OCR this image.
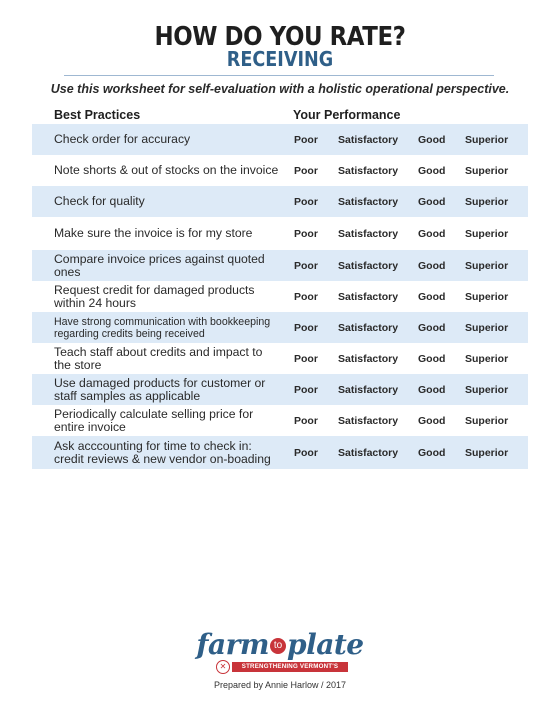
HOW DO YOU RATE?
RECEIVING
Use this worksheet for self-evaluation with a holistic operational perspective.
Best Practices	Your Performance
Check order for accuracy	Poor Satisfactory Good Superior
Note shorts & out of stocks on the invoice	Poor Satisfactory Good Superior
Check for quality	Poor Satisfactory Good Superior
Make sure the invoice is for my store	Poor Satisfactory Good Superior
Compare invoice prices against quoted ones	Poor Satisfactory Good Superior
Request credit for damaged products within 24 hours	Poor Satisfactory Good Superior
Have strong communication with bookkeeping regarding credits being received	Poor Satisfactory Good Superior
Teach staff about credits and impact to the store	Poor Satisfactory Good Superior
Use damaged products for customer or staff samples as applicable	Poor Satisfactory Good Superior
Periodically calculate selling price for entire invoice	Poor Satisfactory Good Superior
Ask acccounting for time to check in: credit reviews & new vendor on-boading	Poor Satisfactory Good Superior
farm to plate
✕	STRENGTHENING VERMONT'S FOOD SYSTEM
Prepared by Annie Harlow / 2017
